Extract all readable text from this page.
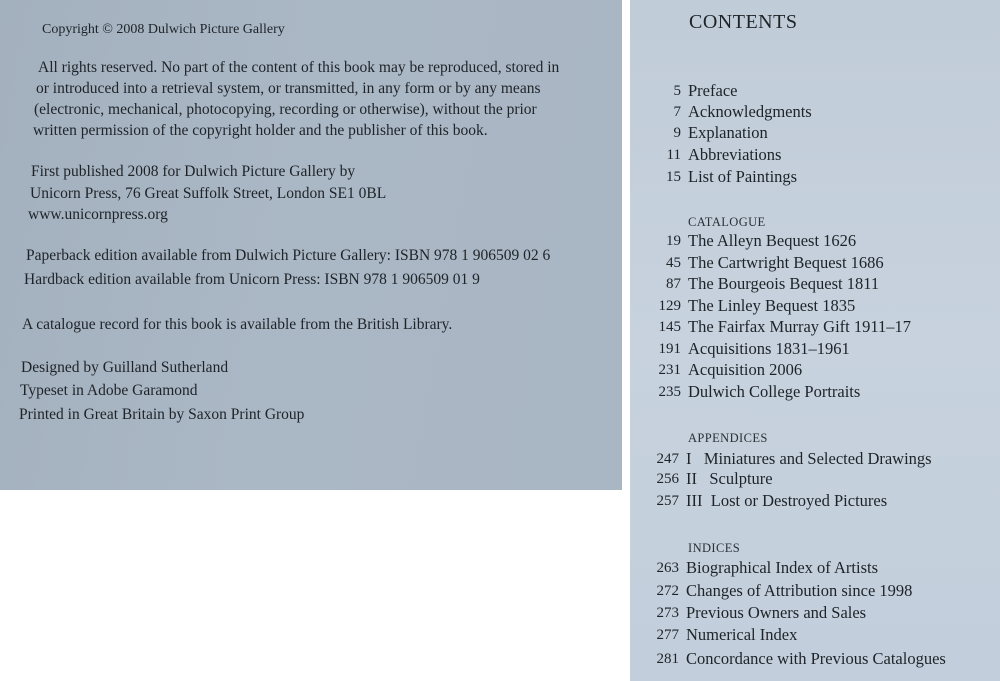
Copyright © 2008 Dulwich Picture Gallery
All rights reserved. No part of the content of this book may be reproduced, stored in
or introduced into a retrieval system, or transmitted, in any form or by any means
(electronic, mechanical, photocopying, recording or otherwise), without the prior
written permission of the copyright holder and the publisher of this book.
First published 2008 for Dulwich Picture Gallery by
Unicorn Press, 76 Great Suffolk Street, London SE1 0BL
www.unicornpress.org
Paperback edition available from Dulwich Picture Gallery: ISBN 978 1 906509 02 6
Hardback edition available from Unicorn Press: ISBN 978 1 906509 01 9
A catalogue record for this book is available from the British Library.
Designed by Guilland Sutherland
Typeset in Adobe Garamond
Printed in Great Britain by Saxon Print Group
CONTENTS
5 Preface
7 Acknowledgments
9 Explanation
11 Abbreviations
15 List of Paintings
CATALOGUE
19 The Alleyn Bequest 1626
45 The Cartwright Bequest 1686
87 The Bourgeois Bequest 1811
129 The Linley Bequest 1835
145 The Fairfax Murray Gift 1911–17
191 Acquisitions 1831–1961
231 Acquisition 2006
235 Dulwich College Portraits
APPENDICES
247 I   Miniatures and Selected Drawings
256 II   Sculpture
257 III  Lost or Destroyed Pictures
INDICES
263 Biographical Index of Artists
272 Changes of Attribution since 1998
273 Previous Owners and Sales
277 Numerical Index
281 Concordance with Previous Catalogues
